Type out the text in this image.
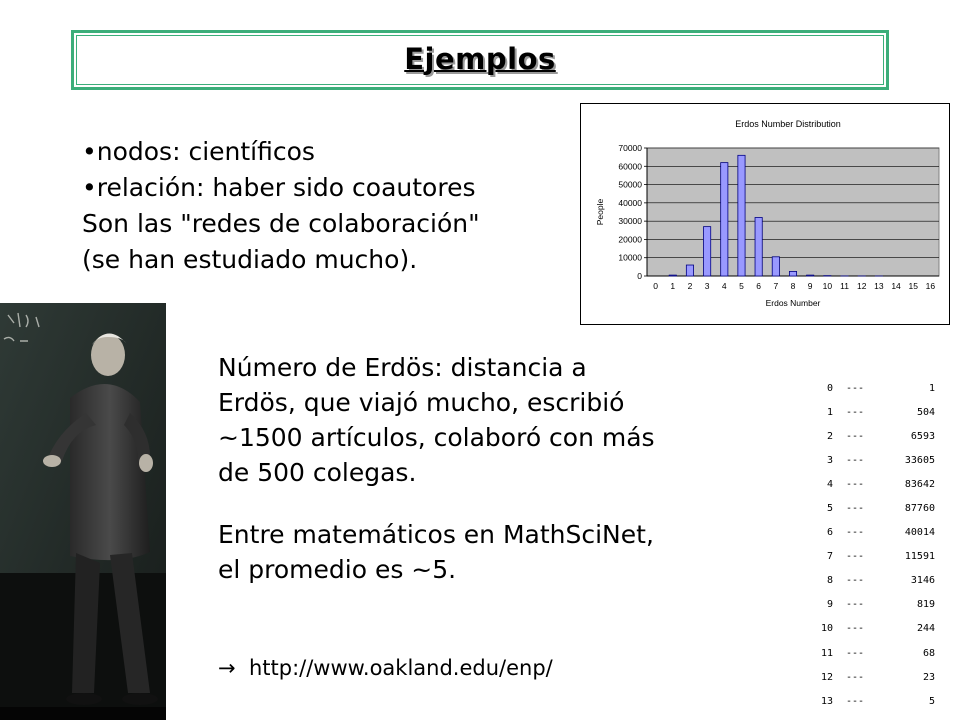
Ejemplos
•nodos: científicos
•relación: haber sido coautores
Son las "redes de colaboración"
(se han estudiado mucho).
Erdos Number Distribution
0
10000
20000
30000
40000
50000
60000
70000
0 1 2 3 4 5 6 7 8 9 10 11 12 13 14 15 16
Erdos Number
People

Número de Erdös: distancia a

Erdös, que viajó mucho, escribió

~1500 artículos, colaboró con más

de 500 colegas.

Entre matemáticos en MathSciNet,

el promedio es ~5.

→ http://www.oakland.edu/enp/
0	---	1
1	---	504
2	---	6593
3	---	33605
4	---	83642
5	---	87760
6	---	40014
7	---	11591
8	---	3146
9	---	819
10	---	244
11	---	68
12	---	23
13	---	5
